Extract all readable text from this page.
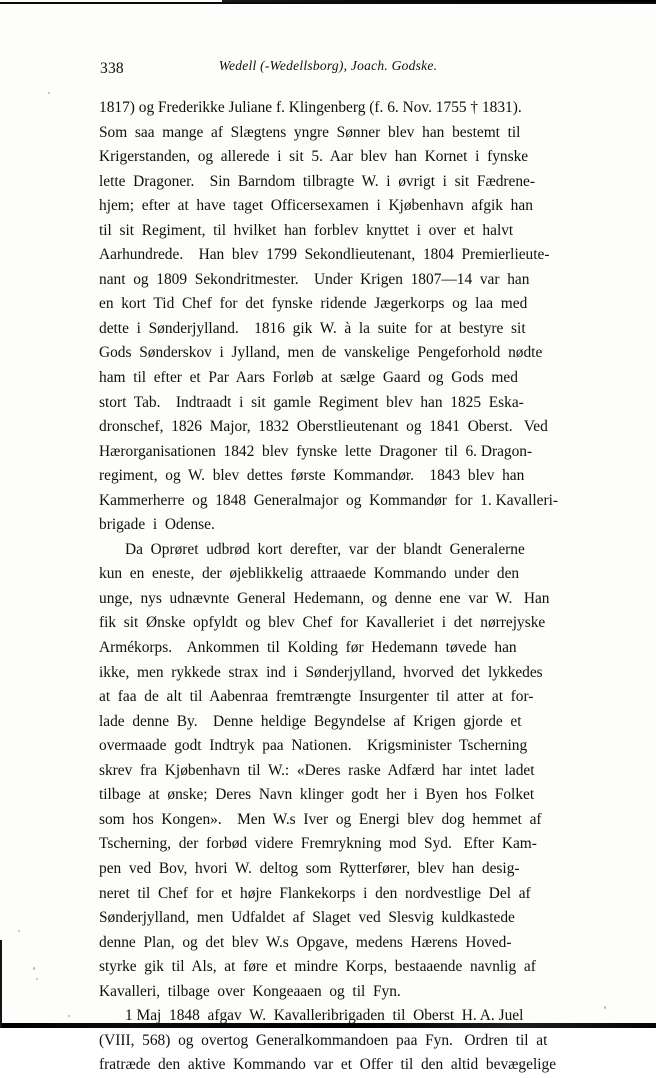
338	Wedell (-Wedellsborg), Joach. Godske.
1817) og Frederikke Juliane f. Klingenberg (f. 6. Nov. 1755 † 1831).
Som  saa  mange  af  Slægtens  yngre  Sønner  blev  han  bestemt  til
Krigerstanden,  og  allerede  i  sit  5.  Aar  blev  han  Kornet  i  fynske
lette  Dragoner.    Sin  Barndom  tilbragte  W.  i  øvrigt  i  sit  Fædrene-
hjem;  efter  at  have  taget  Officersexamen  i  Kjøbenhavn  afgik  han
til  sit  Regiment,  til  hvilket  han  forblev  knyttet  i  over  et  halvt
Aarhundrede.    Han  blev  1799  Sekondlieutenant,  1804  Premierlieute-
nant  og  1809  Sekondritmester.    Under  Krigen  1807—14  var  han
en  kort  Tid  Chef  for  det  fynske  ridende  Jægerkorps  og  laa  med
dette  i  Sønderjylland.    1816  gik  W.  à  la  suite  for  at  bestyre  sit
Gods  Sønderskov  i  Jylland,  men  de  vanskelige  Pengeforhold  nødte
ham  til  efter  et  Par  Aars  Forløb  at  sælge  Gaard  og  Gods  med
stort  Tab.    Indtraadt  i  sit  gamle  Regiment  blev  han  1825  Eska-
dronschef,  1826  Major,  1832  Oberstlieutenant  og  1841  Oberst.   Ved
Hærorganisationen  1842  blev  fynske  lette  Dragoner  til  6. Dragon-
regiment,  og  W.  blev  dettes  første  Kommandør.    1843  blev  han
Kammerherre  og  1848  Generalmajor  og  Kommandør  for  1. Kavalleri-
brigade  i  Odense.
Da  Oprøret  udbrød  kort  derefter,  var  der  blandt  Generalerne
kun  en  eneste,  der  øjeblikkelig  attraaede  Kommando  under  den
unge,  nys  udnævnte  General  Hedemann,  og  denne  ene  var  W.   Han
fik  sit  Ønske  opfyldt  og  blev  Chef  for  Kavalleriet  i  det  nørrejyske
Armékorps.    Ankommen  til  Kolding  før  Hedemann  tøvede  han
ikke,  men  rykkede  strax  ind  i  Sønderjylland,  hvorved  det  lykkedes
at  faa  de  alt  til  Aabenraa  fremtrængte  Insurgenter  til  atter  at  for-
lade  denne  By.    Denne  heldige  Begyndelse  af  Krigen  gjorde  et
overmaade  godt  Indtryk  paa  Nationen.    Krigsminister  Tscherning
skrev  fra  Kjøbenhavn  til  W.:  «Deres  raske  Adfærd  har  intet  ladet
tilbage  at  ønske;  Deres  Navn  klinger  godt  her  i  Byen  hos  Folket
som  hos  Kongen».    Men  W.s  Iver  og  Energi  blev  dog  hemmet  af
Tscherning,  der  forbød  videre  Fremrykning  mod  Syd.   Efter  Kam-
pen  ved  Bov,  hvori  W.  deltog  som  Rytterfører,  blev  han  desig-
neret  til  Chef  for  et  højre  Flankekorps  i  den  nordvestlige  Del  af
Sønderjylland,  men  Udfaldet  af  Slaget  ved  Slesvig  kuldkastede
denne  Plan,  og  det  blev  W.s  Opgave,  medens  Hærens  Hoved-
styrke  gik  til  Als,  at  føre  et  mindre  Korps,  bestaaende  navnlig  af
Kavalleri,  tilbage  over  Kongeaaen  og  til  Fyn.
1 Maj  1848  afgav  W.  Kavalleribrigaden  til  Oberst  H. A. Juel
(VIII,  568)  og  overtog  Generalkommandoen  paa  Fyn.   Ordren  til  at
fratræde  den  aktive  Kommando  var  et  Offer  til  den  altid  bevægelige
